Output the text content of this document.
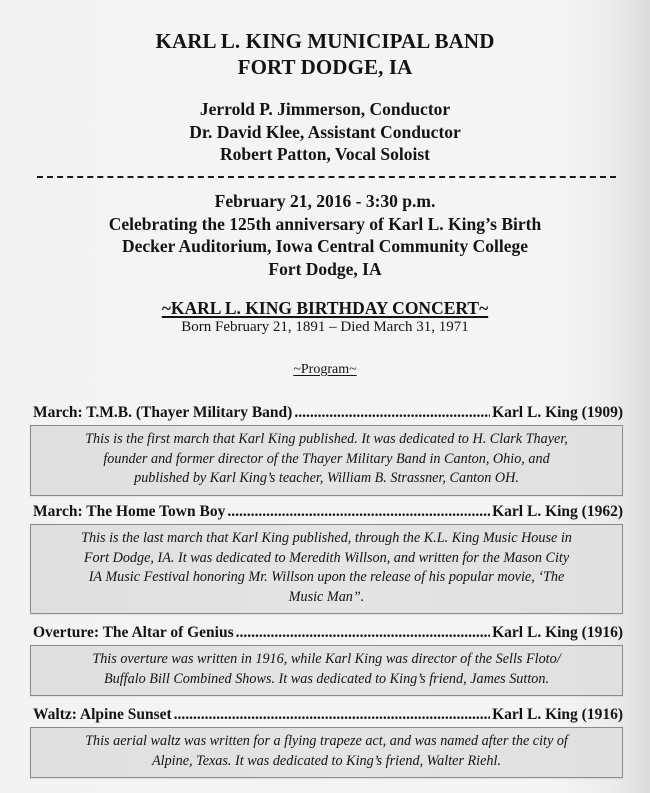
KARL L. KING MUNICIPAL BAND
FORT DODGE, IA
Jerrold P. Jimmerson, Conductor
Dr. David Klee, Assistant Conductor
Robert Patton, Vocal Soloist
February 21, 2016 - 3:30 p.m.
Celebrating the 125th anniversary of Karl L. King’s Birth
Decker Auditorium, Iowa Central Community College
Fort Dodge, IA
~KARL L. KING BIRTHDAY CONCERT~
Born February 21, 1891 – Died March 31, 1971
~Program~
March: T.M.B. (Thayer Military Band) .....	Karl L. King (1909)

This is the first march that Karl King published. It was dedicated to H. Clark Thayer,

founder and former director of the Thayer Military Band in Canton, Ohio, and

published by Karl King’s teacher, William B. Strassner, Canton OH.

March: The Home Town Boy .....	Karl L. King (1962)

This is the last march that Karl King published, through the K.L. King Music House in

Fort Dodge, IA. It was dedicated to Meredith Willson, and written for the Mason City

IA Music Festival honoring Mr. Willson upon the release of his popular movie, ‘The

Music Man”.

Overture: The Altar of Genius .....	Karl L. King (1916)

This overture was written in 1916, while Karl King was director of the Sells Floto/

Buffalo Bill Combined Shows. It was dedicated to King’s friend, James Sutton.

Waltz: Alpine Sunset .....	Karl L. King (1916)

This aerial waltz was written for a flying trapeze act, and was named after the city of

Alpine, Texas. It was dedicated to King’s friend, Walter Riehl.
